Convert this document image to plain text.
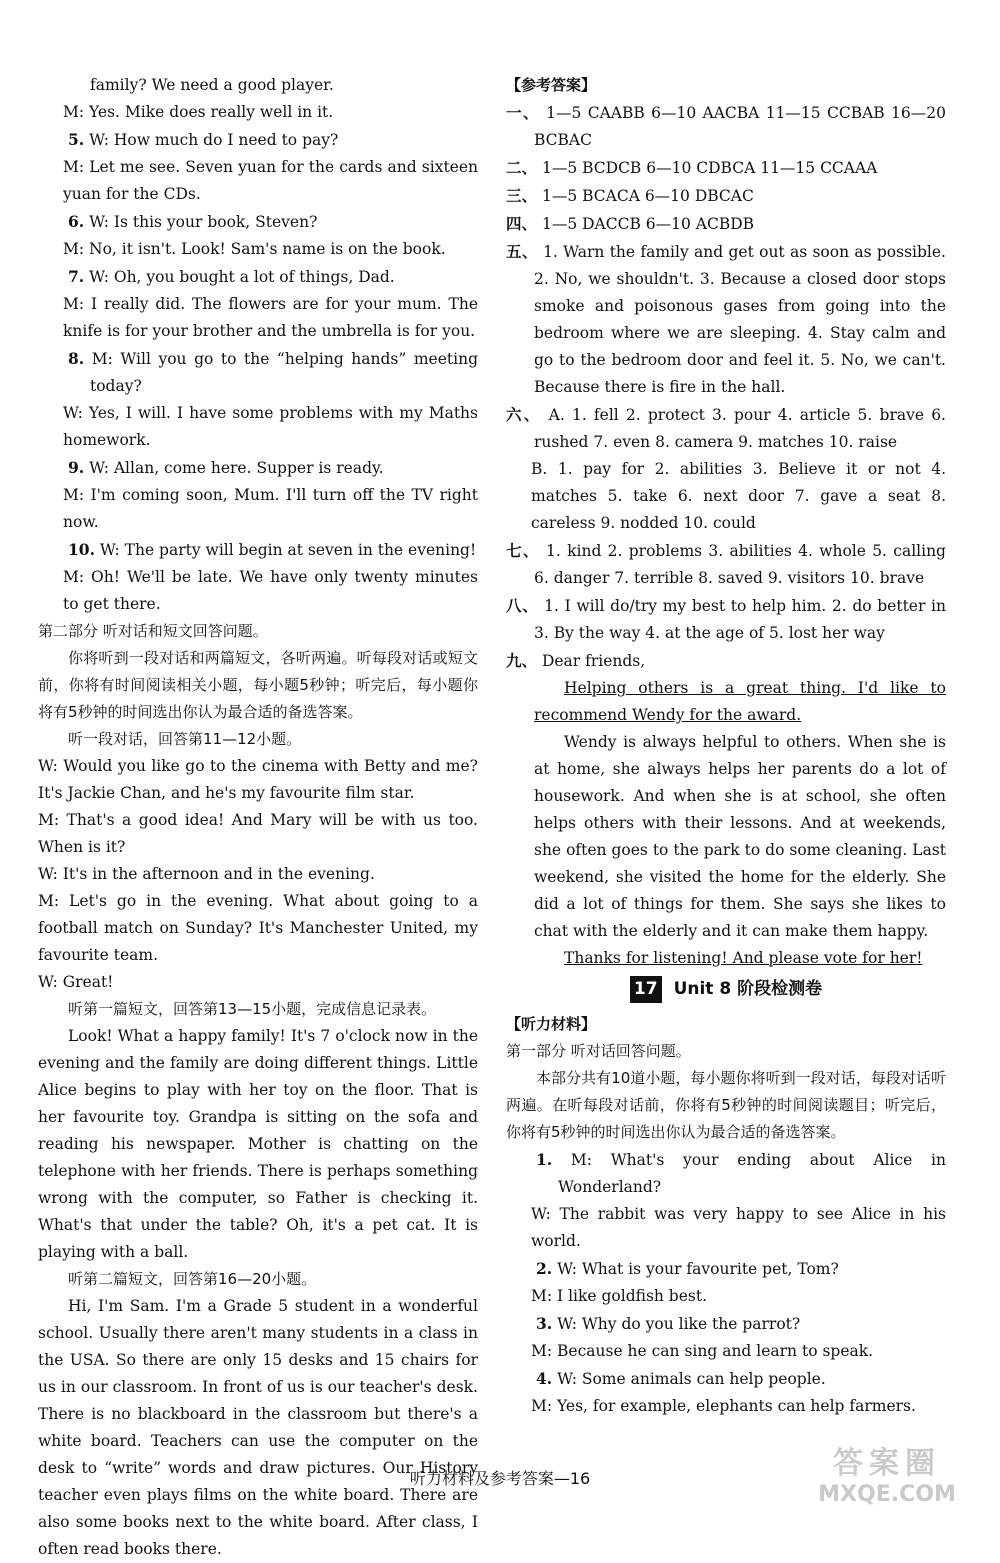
family? We need a good player.

M: Yes. Mike does really well in it.

5. W: How much do I need to pay?

M: Let me see. Seven yuan for the cards and sixteen yuan for the CDs.

6. W: Is this your book, Steven?

M: No, it isn't. Look! Sam's name is on the book.

7. W: Oh, you bought a lot of things, Dad.

M: I really did. The flowers are for your mum. The knife is for your brother and the umbrella is for you.

8. M: Will you go to the “helping hands” meeting today?

W: Yes, I will. I have some problems with my Maths homework.

9. W: Allan, come here. Supper is ready.

M: I'm coming soon, Mum. I'll turn off the TV right now.

10. W: The party will begin at seven in the evening!

M: Oh! We'll be late. We have only twenty minutes to get there.

第二部分 听对话和短文回答问题。

你将听到一段对话和两篇短文，各听两遍。听每段对话或短文前，你将有时间阅读相关小题，每小题5秒钟；听完后，每小题你将有5秒钟的时间选出你认为最合适的备选答案。

听一段对话，回答第11—12小题。

W: Would you like go to the cinema with Betty and me? It's Jackie Chan, and he's my favourite film star.

M: That's a good idea! And Mary will be with us too. When is it?

W: It's in the afternoon and in the evening.

M: Let's go in the evening. What about going to a football match on Sunday? It's Manchester United, my favourite team.

W: Great!

听第一篇短文，回答第13—15小题，完成信息记录表。

Look! What a happy family! It's 7 o'clock now in the evening and the family are doing different things. Little Alice begins to play with her toy on the floor. That is her favourite toy. Grandpa is sitting on the sofa and reading his newspaper. Mother is chatting on the telephone with her friends. There is perhaps something wrong with the computer, so Father is checking it. What's that under the table? Oh, it's a pet cat. It is playing with a ball.

听第二篇短文，回答第16—20小题。

Hi, I'm Sam. I'm a Grade 5 student in a wonderful school. Usually there aren't many students in a class in the USA. So there are only 15 desks and 15 chairs for us in our classroom. In front of us is our teacher's desk. There is no blackboard in the classroom but there's a white board. Teachers can use the computer on the desk to “write” words and draw pictures. Our History teacher even plays films on the white board. There are also some books next to the white board. After class, I often read books there.

【参考答案】

一、 1—5 CAABB 6—10 AACBA 11—15 CCBAB 16—20 BCBAC

二、 1—5 BCDCB 6—10 CDBCA 11—15 CCAAA

三、 1—5 BCACA 6—10 DBCAC

四、 1—5 DACCB 6—10 ACBDB

五、 1. Warn the family and get out as soon as possible. 2. No, we shouldn't. 3. Because a closed door stops smoke and poisonous gases from going into the bedroom where we are sleeping. 4. Stay calm and go to the bedroom door and feel it. 5. No, we can't. Because there is fire in the hall.

六、 A. 1. fell 2. protect 3. pour 4. article 5. brave 6. rushed 7. even 8. camera 9. matches 10. raise

B. 1. pay for 2. abilities 3. Believe it or not 4. matches 5. take 6. next door 7. gave a seat 8. careless 9. nodded 10. could

七、 1. kind 2. problems 3. abilities 4. whole 5. calling 6. danger 7. terrible 8. saved 9. visitors 10. brave

八、 1. I will do/try my best to help him. 2. do better in 3. By the way 4. at the age of 5. lost her way

九、 Dear friends,

Helping others is a great thing. I'd like to recommend Wendy for the award.

Wendy is always helpful to others. When she is at home, she always helps her parents do a lot of housework. And when she is at school, she often helps others with their lessons. And at weekends, she often goes to the park to do some cleaning. Last weekend, she visited the home for the elderly. She did a lot of things for them. She says she likes to chat with the elderly and it can make them happy.

Thanks for listening! And please vote for her!

17 Unit 8 阶段检测卷

【听力材料】

第一部分 听对话回答问题。

本部分共有10道小题，每小题你将听到一段对话，每段对话听两遍。在听每段对话前，你将有5秒钟的时间阅读题目；听完后，你将有5秒钟的时间选出你认为最合适的备选答案。

1. M: What's your ending about Alice in Wonderland?

W: The rabbit was very happy to see Alice in his world.

2. W: What is your favourite pet, Tom?

M: I like goldfish best.

3. W: Why do you like the parrot?

M: Because he can sing and learn to speak.

4. W: Some animals can help people.

M: Yes, for example, elephants can help farmers.

听力材料及参考答案—16	答案圈
MXQE.COM
